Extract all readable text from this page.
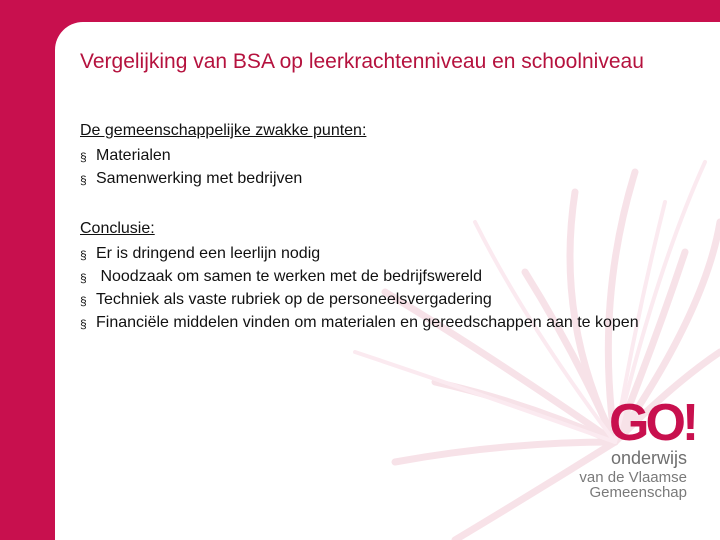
Vergelijking van BSA op leerkrachtenniveau en schoolniveau
De gemeenschappelijke zwakke punten:
§ Materialen
§ Samenwerking met bedrijven
Conclusie:
§ Er is dringend een leerlijn nodig
§ Noodzaak om samen te werken met de bedrijfswereld
§ Techniek als vaste rubriek op de personeelsvergadering
§ Financiële middelen vinden om materialen en gereedschappen aan te kopen
GO!
onderwijs
van de Vlaamse
Gemeenschap
